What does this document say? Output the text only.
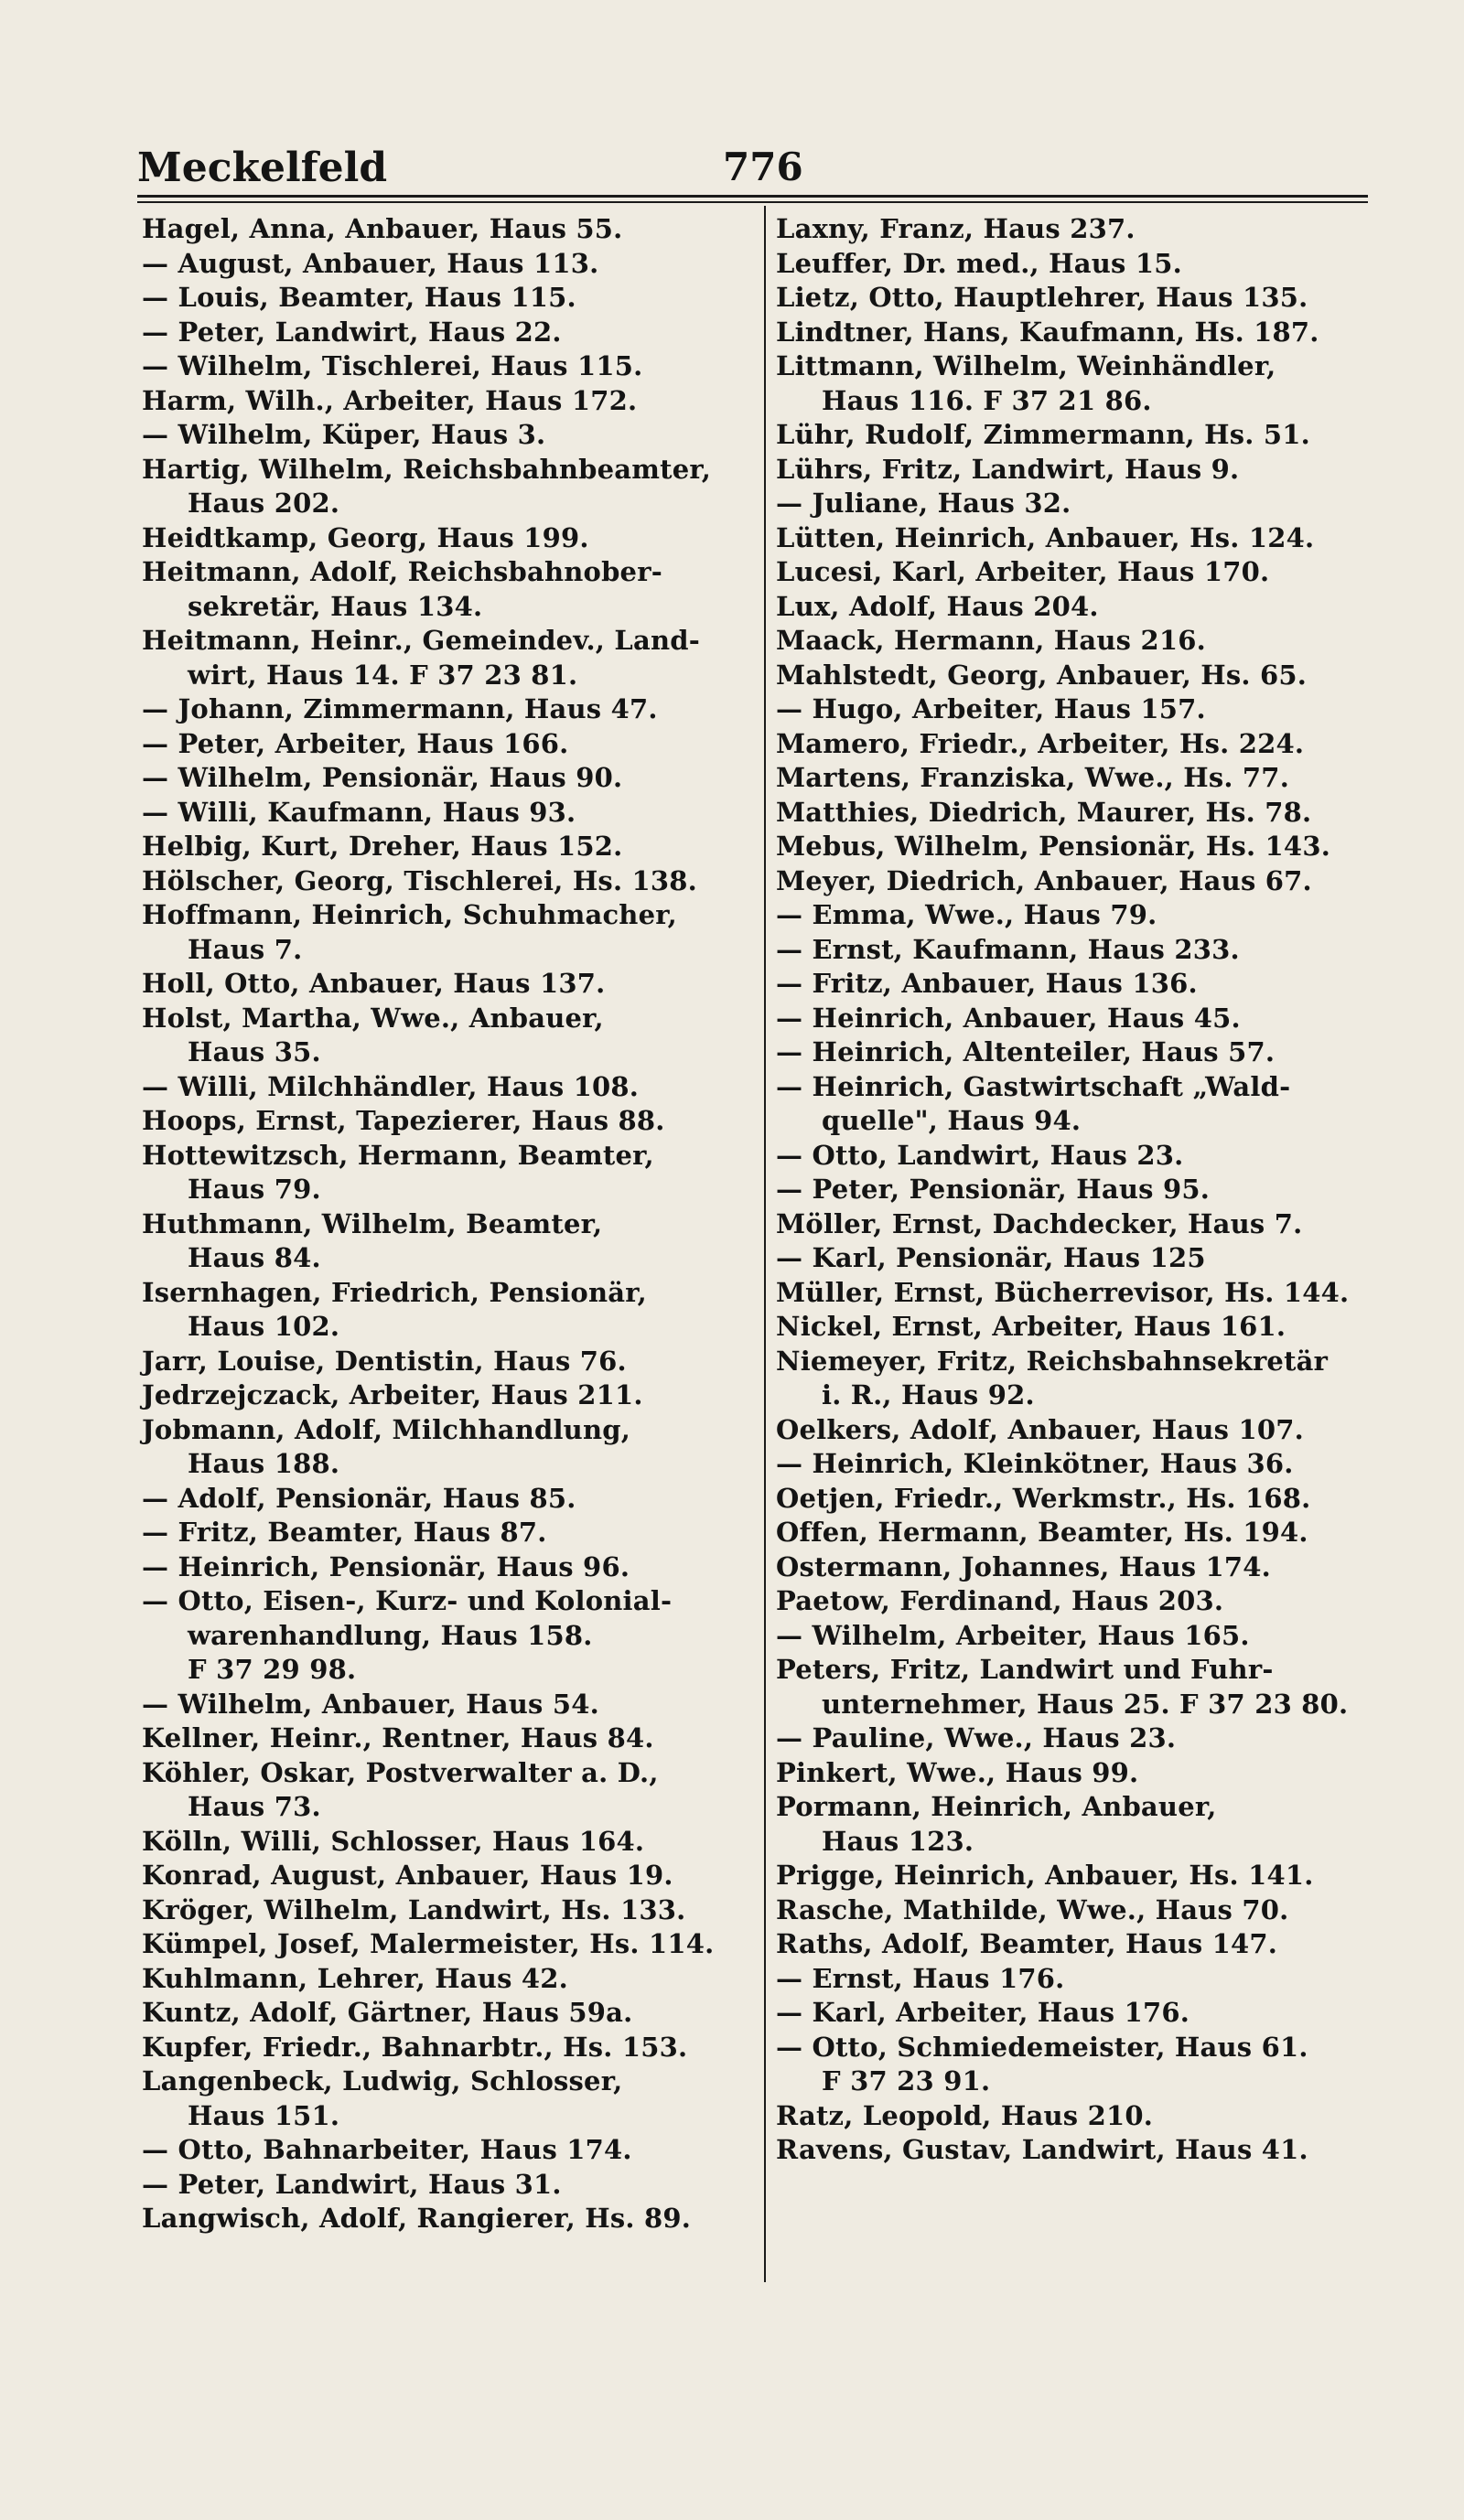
Meckelfeld	776
Hagel, Anna, Anbauer, Haus 55.
— August, Anbauer, Haus 113.
— Louis, Beamter, Haus 115.
— Peter, Landwirt, Haus 22.
— Wilhelm, Tischlerei, Haus 115.
Harm, Wilh., Arbeiter, Haus 172.
— Wilhelm, Küper, Haus 3.
Hartig, Wilhelm, Reichsbahnbeamter,
Haus 202.
Heidtkamp, Georg, Haus 199.
Heitmann, Adolf, Reichsbahnober-
sekretär, Haus 134.
Heitmann, Heinr., Gemeindev., Land-
wirt, Haus 14. F 37 23 81.
— Johann, Zimmermann, Haus 47.
— Peter, Arbeiter, Haus 166.
— Wilhelm, Pensionär, Haus 90.
— Willi, Kaufmann, Haus 93.
Helbig, Kurt, Dreher, Haus 152.
Hölscher, Georg, Tischlerei, Hs. 138.
Hoffmann, Heinrich, Schuhmacher,
Haus 7.
Holl, Otto, Anbauer, Haus 137.
Holst, Martha, Wwe., Anbauer,
Haus 35.
— Willi, Milchhändler, Haus 108.
Hoops, Ernst, Tapezierer, Haus 88.
Hottewitzsch, Hermann, Beamter,
Haus 79.
Huthmann, Wilhelm, Beamter,
Haus 84.
Isernhagen, Friedrich, Pensionär,
Haus 102.
Jarr, Louise, Dentistin, Haus 76.
Jedrzejczack, Arbeiter, Haus 211.
Jobmann, Adolf, Milchhandlung,
Haus 188.
— Adolf, Pensionär, Haus 85.
— Fritz, Beamter, Haus 87.
— Heinrich, Pensionär, Haus 96.
— Otto, Eisen-, Kurz- und Kolonial-
warenhandlung, Haus 158.
F 37 29 98.
— Wilhelm, Anbauer, Haus 54.
Kellner, Heinr., Rentner, Haus 84.
Köhler, Oskar, Postverwalter a. D.,
Haus 73.
Kölln, Willi, Schlosser, Haus 164.
Konrad, August, Anbauer, Haus 19.
Kröger, Wilhelm, Landwirt, Hs. 133.
Kümpel, Josef, Malermeister, Hs. 114.
Kuhlmann, Lehrer, Haus 42.
Kuntz, Adolf, Gärtner, Haus 59a.
Kupfer, Friedr., Bahnarbtr., Hs. 153.
Langenbeck, Ludwig, Schlosser,
Haus 151.
— Otto, Bahnarbeiter, Haus 174.
— Peter, Landwirt, Haus 31.
Langwisch, Adolf, Rangierer, Hs. 89.
Laxny, Franz, Haus 237.
Leuffer, Dr. med., Haus 15.
Lietz, Otto, Hauptlehrer, Haus 135.
Lindtner, Hans, Kaufmann, Hs. 187.
Littmann, Wilhelm, Weinhändler,
Haus 116. F 37 21 86.
Lühr, Rudolf, Zimmermann, Hs. 51.
Lührs, Fritz, Landwirt, Haus 9.
— Juliane, Haus 32.
Lütten, Heinrich, Anbauer, Hs. 124.
Lucesi, Karl, Arbeiter, Haus 170.
Lux, Adolf, Haus 204.
Maack, Hermann, Haus 216.
Mahlstedt, Georg, Anbauer, Hs. 65.
— Hugo, Arbeiter, Haus 157.
Mamero, Friedr., Arbeiter, Hs. 224.
Martens, Franziska, Wwe., Hs. 77.
Matthies, Diedrich, Maurer, Hs. 78.
Mebus, Wilhelm, Pensionär, Hs. 143.
Meyer, Diedrich, Anbauer, Haus 67.
— Emma, Wwe., Haus 79.
— Ernst, Kaufmann, Haus 233.
— Fritz, Anbauer, Haus 136.
— Heinrich, Anbauer, Haus 45.
— Heinrich, Altenteiler, Haus 57.
— Heinrich, Gastwirtschaft „Wald-
quelle", Haus 94.
— Otto, Landwirt, Haus 23.
— Peter, Pensionär, Haus 95.
Möller, Ernst, Dachdecker, Haus 7.
— Karl, Pensionär, Haus 125
Müller, Ernst, Bücherrevisor, Hs. 144.
Nickel, Ernst, Arbeiter, Haus 161.
Niemeyer, Fritz, Reichsbahnsekretär
i. R., Haus 92.
Oelkers, Adolf, Anbauer, Haus 107.
— Heinrich, Kleinkötner, Haus 36.
Oetjen, Friedr., Werkmstr., Hs. 168.
Offen, Hermann, Beamter, Hs. 194.
Ostermann, Johannes, Haus 174.
Paetow, Ferdinand, Haus 203.
— Wilhelm, Arbeiter, Haus 165.
Peters, Fritz, Landwirt und Fuhr-
unternehmer, Haus 25. F 37 23 80.
— Pauline, Wwe., Haus 23.
Pinkert, Wwe., Haus 99.
Pormann, Heinrich, Anbauer,
Haus 123.
Prigge, Heinrich, Anbauer, Hs. 141.
Rasche, Mathilde, Wwe., Haus 70.
Raths, Adolf, Beamter, Haus 147.
— Ernst, Haus 176.
— Karl, Arbeiter, Haus 176.
— Otto, Schmiedemeister, Haus 61.
F 37 23 91.
Ratz, Leopold, Haus 210.
Ravens, Gustav, Landwirt, Haus 41.
